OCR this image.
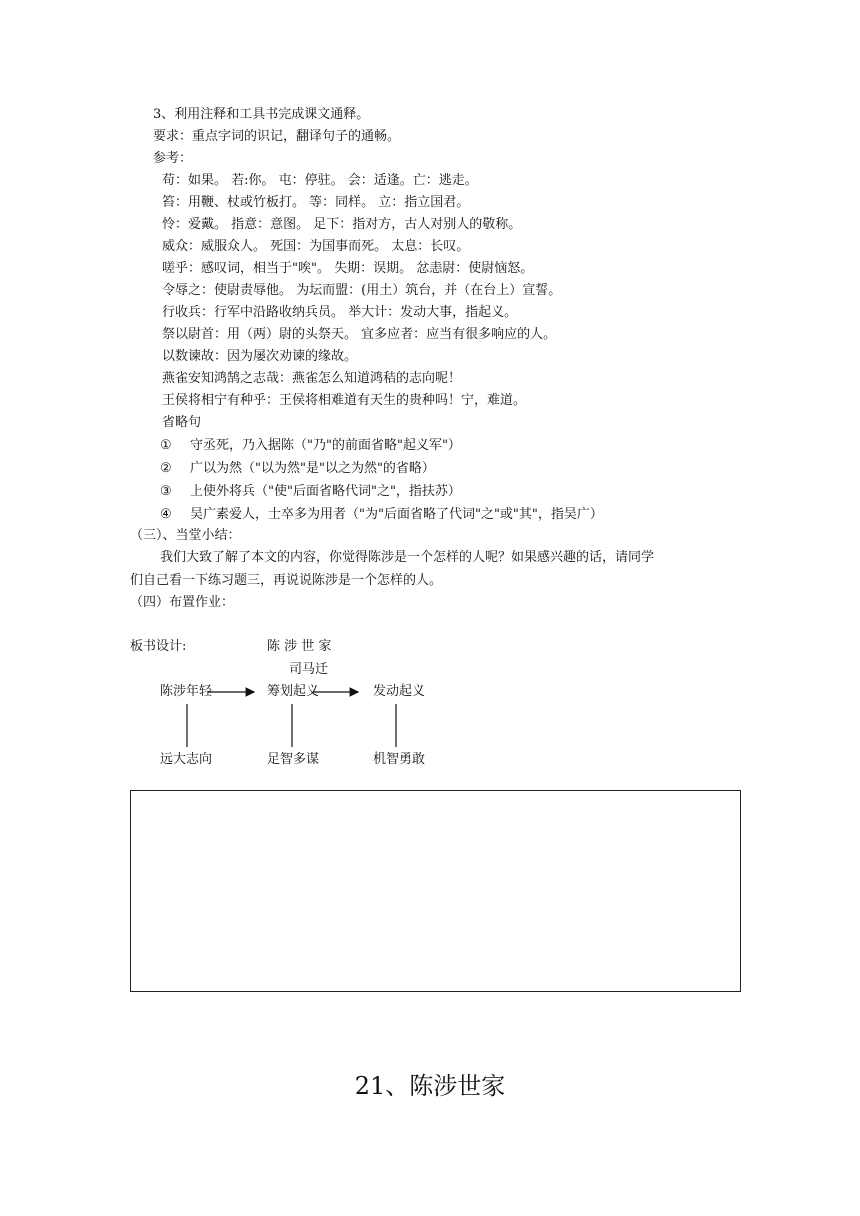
3、利用注释和工具书完成课文通释。
要求：重点字词的识记，翻译句子的通畅。
参考：
苟：如果。 若:你。 屯：停驻。 会：适逢。亡：逃走。
笞：用鞭、杖或竹板打。 等：同样。 立：指立国君。
怜：爱戴。 指意：意图。 足下：指对方，古人对别人的敬称。
威众：威服众人。 死国：为国事而死。 太息：长叹。
嗟乎：感叹词，相当于"唉"。 失期：误期。 忿恚尉：使尉恼怒。
令辱之：使尉责辱他。 为坛而盟：(用土）筑台，并（在台上）宣誓。
行收兵：行军中沿路收纳兵员。 举大计：发动大事，指起义。
祭以尉首：用（两）尉的头祭天。 宜多应者：应当有很多响应的人。
以数谏故：因为屡次劝谏的缘故。
燕雀安知鸿鹄之志哉：燕雀怎么知道鸿秸的志向呢！
王侯将相宁有种乎：王侯将相难道有天生的贵种吗！宁，难道。
省略句
① 守丞死，乃入据陈（"乃"的前面省略"起义军"）
② 广以为然（"以为然"是"以之为然"的省略）
③ 上使外将兵（"使"后面省略代词"之"，指扶苏）
④ 吴广素爱人，士卒多为用者（"为"后面省略了代词"之"或"其"，指吴广）
（三）、当堂小结：
我们大致了解了本文的内容，你觉得陈涉是一个怎样的人呢？如果感兴趣的话，请同学
们自己看一下练习题三，再说说陈涉是一个怎样的人。
（四）布置作业：
板书设计:	陈 涉 世 家
司马迁
陈涉年轻	筹划起义	发动起义
远大志向	足智多谋	机智勇敢
21、陈涉世家
